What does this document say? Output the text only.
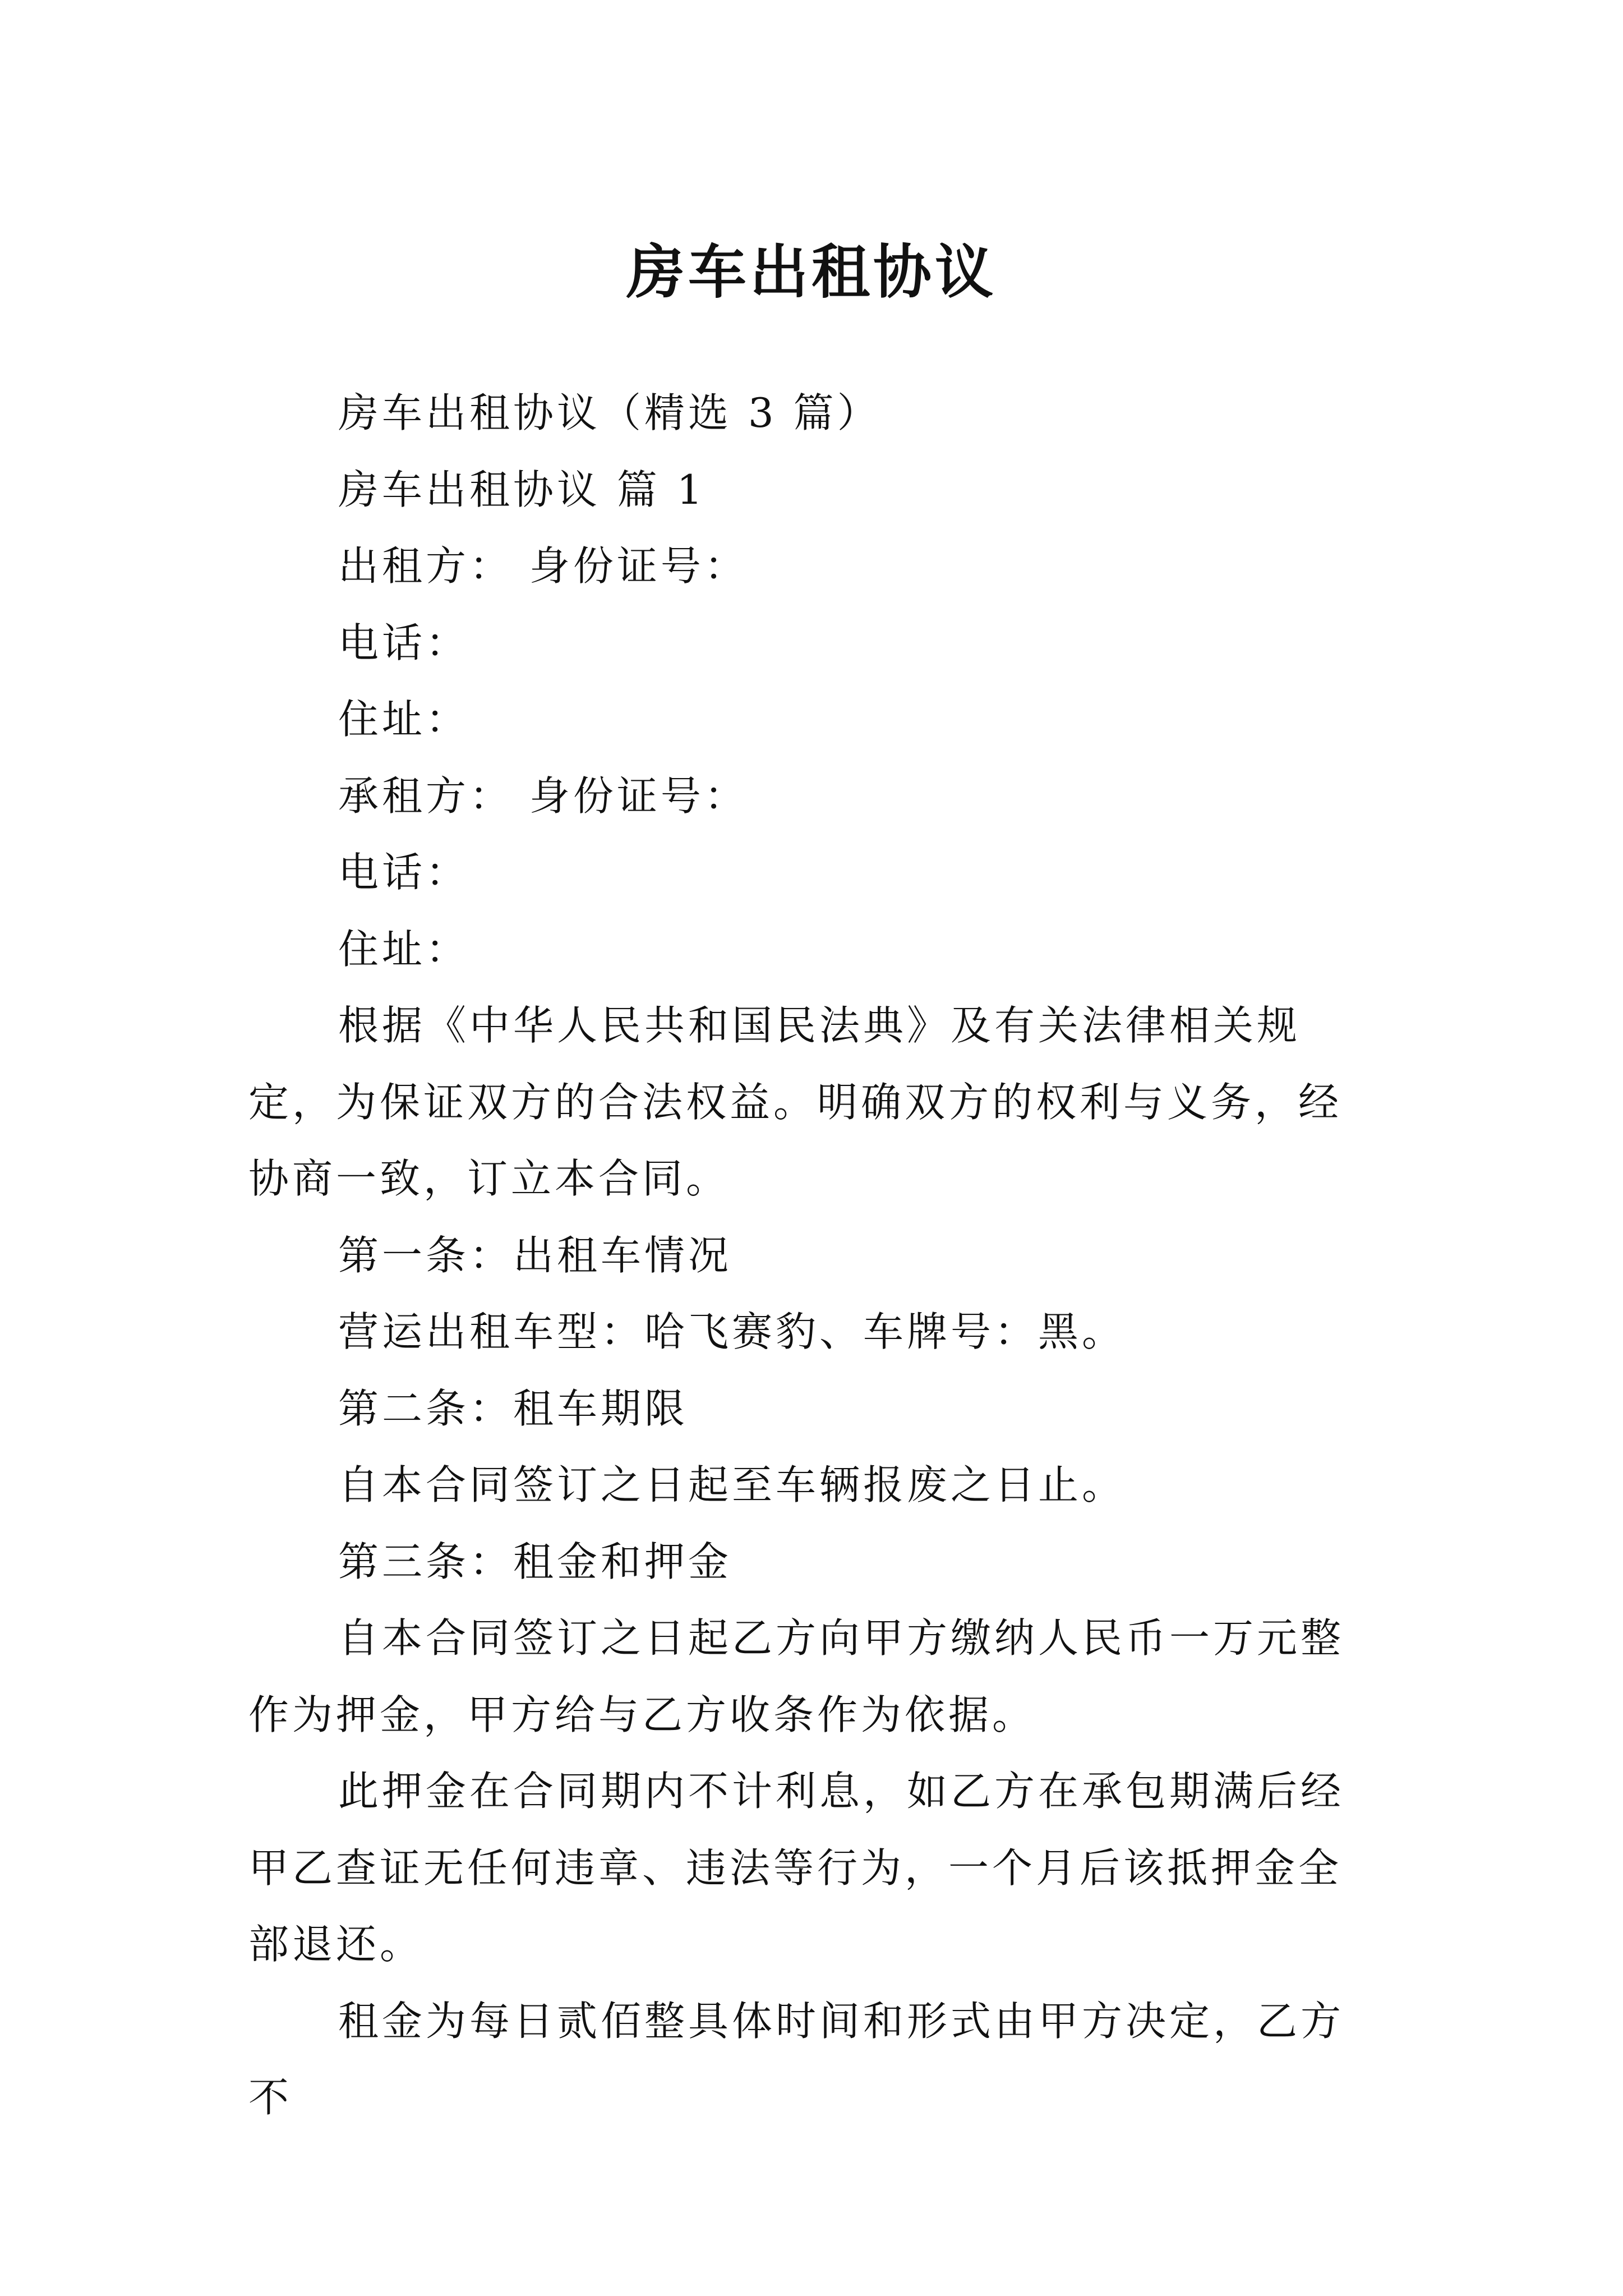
房车出租协议

房车出租协议（精选 3 篇）

房车出租协议 篇 1

出租方： 身份证号：

电话：

住址：

承租方： 身份证号：

电话：

住址：

根据《中华人民共和国民法典》及有关法律相关规定，为保证双方的合法权益。明确双方的权利与义务，经协商一致，订立本合同。

第一条：出租车情况

营运出租车型：哈飞赛豹、车牌号：黑。

第二条：租车期限

自本合同签订之日起至车辆报废之日止。

第三条：租金和押金

自本合同签订之日起乙方向甲方缴纳人民币一万元整作为押金，甲方给与乙方收条作为依据。

此押金在合同期内不计利息，如乙方在承包期满后经甲乙查证无任何违章、违法等行为，一个月后该抵押金全部退还。

租金为每日贰佰整具体时间和形式由甲方决定，乙方不
